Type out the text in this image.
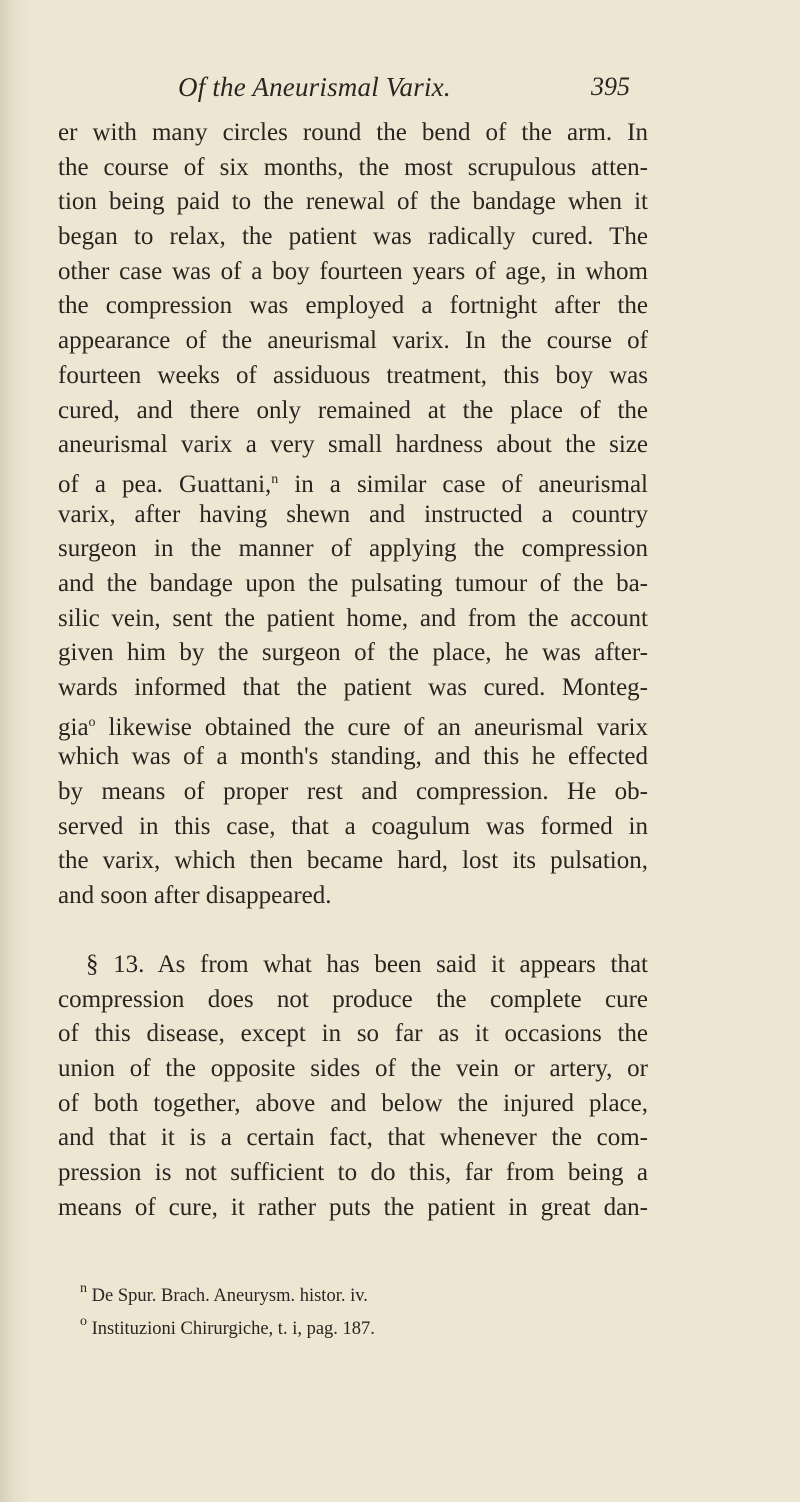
Of the Aneurismal Varix.	395
er with many circles round the bend of the arm. In
the course of six months, the most scrupulous atten-
tion being paid to the renewal of the bandage when it
began to relax, the patient was radically cured. The
other case was of a boy fourteen years of age, in whom
the compression was employed a fortnight after the
appearance of the aneurismal varix. In the course of
fourteen weeks of assiduous treatment, this boy was
cured, and there only remained at the place of the
aneurismal varix a very small hardness about the size
of a pea. Guattani,$^n$ in a similar case of aneurismal
varix, after having shewn and instructed a country
surgeon in the manner of applying the compression
and the bandage upon the pulsating tumour of the ba-
silic vein, sent the patient home, and from the account
given him by the surgeon of the place, he was after-
wards informed that the patient was cured. Monteg-
gia$^o$ likewise obtained the cure of an aneurismal varix
which was of a month's standing, and this he effected
by means of proper rest and compression. He ob-
served in this case, that a coagulum was formed in
the varix, which then became hard, lost its pulsation,
and soon after disappeared.
§ 13. As from what has been said it appears that
compression does not produce the complete cure
of this disease, except in so far as it occasions the
union of the opposite sides of the vein or artery, or
of both together, above and below the injured place,
and that it is a certain fact, that whenever the com-
pression is not sufficient to do this, far from being a
means of cure, it rather puts the patient in great dan-
$^n$ De Spur. Brach. Aneurysm. histor. iv.
$^o$ Instituzioni Chirurgiche, t. i, pag. 187.
